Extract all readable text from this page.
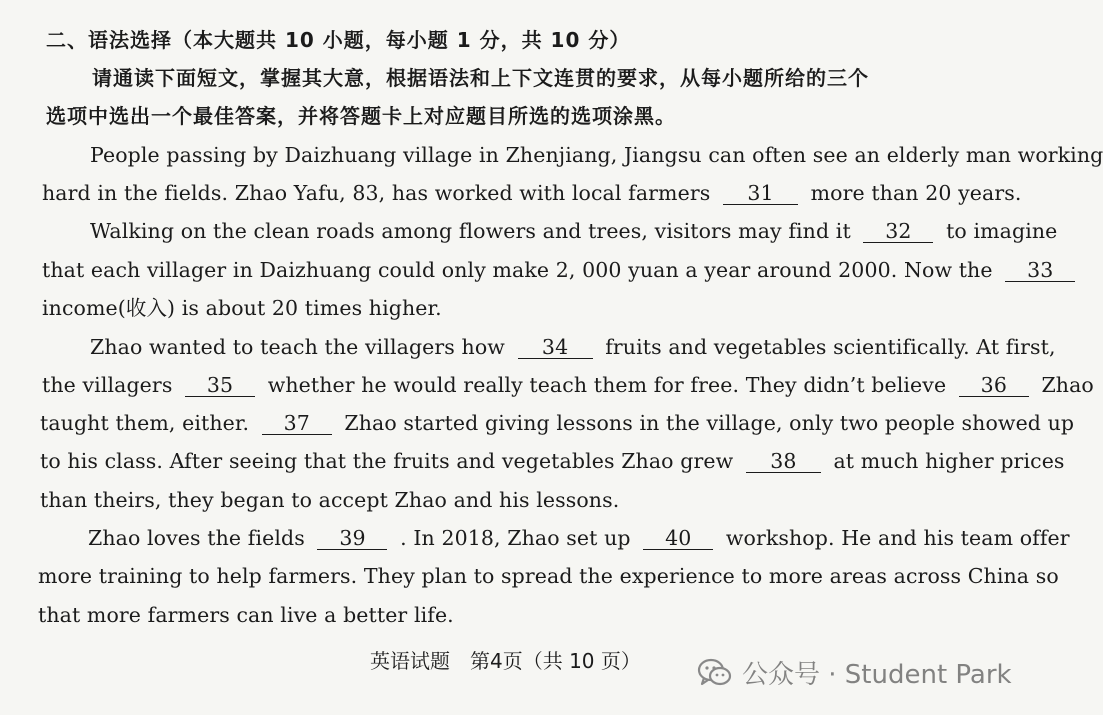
二、语法选择（本大题共 10 小题，每小题 1 分，共 10 分）
请通读下面短文，掌握其大意，根据语法和上下文连贯的要求，从每小题所给的三个
选项中选出一个最佳答案，并将答题卡上对应题目所选的选项涂黑。
People passing by Daizhuang village in Zhenjiang, Jiangsu can often see an elderly man working
hard in the fields. Zhao Yafu, 83, has worked with local farmers 31 more than 20 years.
Walking on the clean roads among flowers and trees, visitors may find it 32 to imagine
that each villager in Daizhuang could only make 2, 000 yuan a year around 2000. Now the 33
income(收入) is about 20 times higher.
Zhao wanted to teach the villagers how 34 fruits and vegetables scientifically. At first,
the villagers 35 whether he would really teach them for free. They didn’t believe 36 Zhao
taught them, either. 37 Zhao started giving lessons in the village, only two people showed up
to his class. After seeing that the fruits and vegetables Zhao grew 38 at much higher prices
than theirs, they began to accept Zhao and his lessons.
Zhao loves the fields 39 . In 2018, Zhao set up 40 workshop. He and his team offer
more training to help farmers. They plan to spread the experience to more areas across China so
that more farmers can live a better life.
英语试题　第4页（共 10 页）	公众号 · Student Park
